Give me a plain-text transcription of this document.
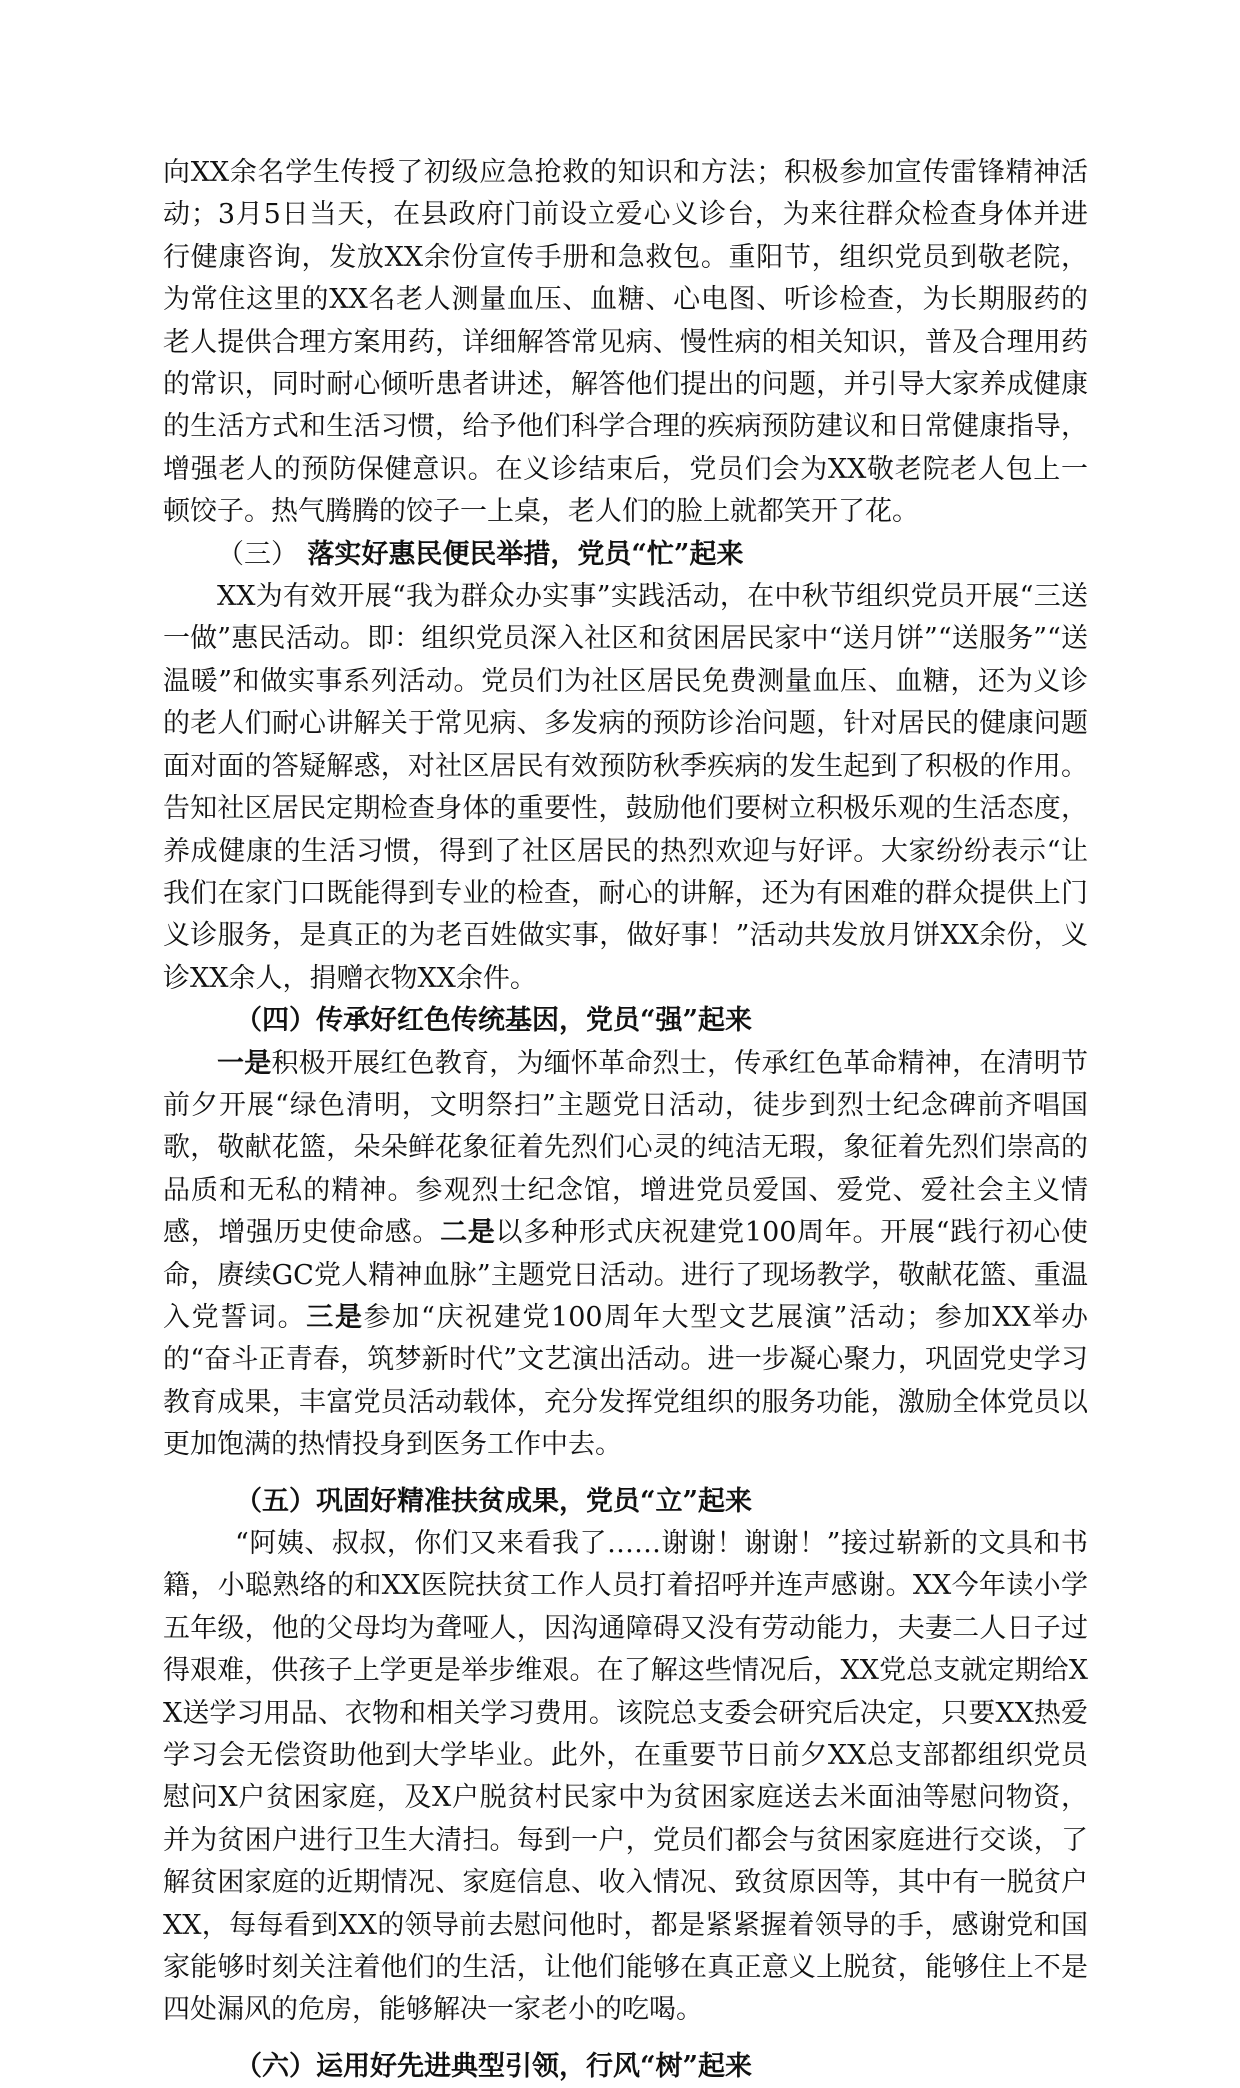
向XX余名学生传授了初级应急抢救的知识和方法；积极参加宣传雷锋精神活动；3月5日当天，在县政府门前设立爱心义诊台，为来往群众检查身体并进行健康咨询，发放XX余份宣传手册和急救包。重阳节，组织党员到敬老院，为常住这里的XX名老人测量血压、血糖、心电图、听诊检查，为长期服药的老人提供合理方案用药，详细解答常见病、慢性病的相关知识，普及合理用药的常识，同时耐心倾听患者讲述，解答他们提出的问题，并引导大家养成健康的生活方式和生活习惯，给予他们科学合理的疾病预防建议和日常健康指导，增强老人的预防保健意识。在义诊结束后，党员们会为XX敬老院老人包上一顿饺子。热气腾腾的饺子一上桌，老人们的脸上就都笑开了花。

（三） 落实好惠民便民举措，党员“忙”起来

XX为有效开展“我为群众办实事”实践活动，在中秋节组织党员开展“三送一做”惠民活动。即：组织党员深入社区和贫困居民家中“送月饼”“送服务”“送温暖”和做实事系列活动。党员们为社区居民免费测量血压、血糖，还为义诊的老人们耐心讲解关于常见病、多发病的预防诊治问题，针对居民的健康问题面对面的答疑解惑，对社区居民有效预防秋季疾病的发生起到了积极的作用。告知社区居民定期检查身体的重要性，鼓励他们要树立积极乐观的生活态度，养成健康的生活习惯，得到了社区居民的热烈欢迎与好评。大家纷纷表示“让我们在家门口既能得到专业的检查，耐心的讲解，还为有困难的群众提供上门义诊服务，是真正的为老百姓做实事，做好事！”活动共发放月饼XX余份，义诊XX余人，捐赠衣物XX余件。

（四）传承好红色传统基因，党员“强”起来

一是积极开展红色教育，为缅怀革命烈士，传承红色革命精神，在清明节前夕开展“绿色清明，文明祭扫”主题党日活动，徒步到烈士纪念碑前齐唱国歌，敬献花篮，朵朵鲜花象征着先烈们心灵的纯洁无瑕，象征着先烈们崇高的品质和无私的精神。参观烈士纪念馆，增进党员爱国、爱党、爱社会主义情感，增强历史使命感。二是以多种形式庆祝建党100周年。开展“践行初心使命，赓续GC党人精神血脉”主题党日活动。进行了现场教学，敬献花篮、重温入党誓词。三是参加“庆祝建党100周年大型文艺展演”活动；参加XX举办的“奋斗正青春，筑梦新时代”文艺演出活动。进一步凝心聚力，巩固党史学习教育成果，丰富党员活动载体，充分发挥党组织的服务功能，激励全体党员以更加饱满的热情投身到医务工作中去。

（五）巩固好精准扶贫成果，党员“立”起来

“阿姨、叔叔，你们又来看我了……谢谢！谢谢！”接过崭新的文具和书籍，小聪熟络的和XX医院扶贫工作人员打着招呼并连声感谢。XX今年读小学五年级，他的父母均为聋哑人，因沟通障碍又没有劳动能力，夫妻二人日子过得艰难，供孩子上学更是举步维艰。在了解这些情况后，XX党总支就定期给XX送学习用品、衣物和相关学习费用。该院总支委会研究后决定，只要XX热爱学习会无偿资助他到大学毕业。此外，在重要节日前夕XX总支部都组织党员慰问X户贫困家庭，及X户脱贫村民家中为贫困家庭送去米面油等慰问物资，并为贫困户进行卫生大清扫。每到一户，党员们都会与贫困家庭进行交谈，了解贫困家庭的近期情况、家庭信息、收入情况、致贫原因等，其中有一脱贫户XX，每每看到XX的领导前去慰问他时，都是紧紧握着领导的手，感谢党和国家能够时刻关注着他们的生活，让他们能够在真正意义上脱贫，能够住上不是四处漏风的危房，能够解决一家老小的吃喝。

（六）运用好先进典型引领，行风“树”起来
